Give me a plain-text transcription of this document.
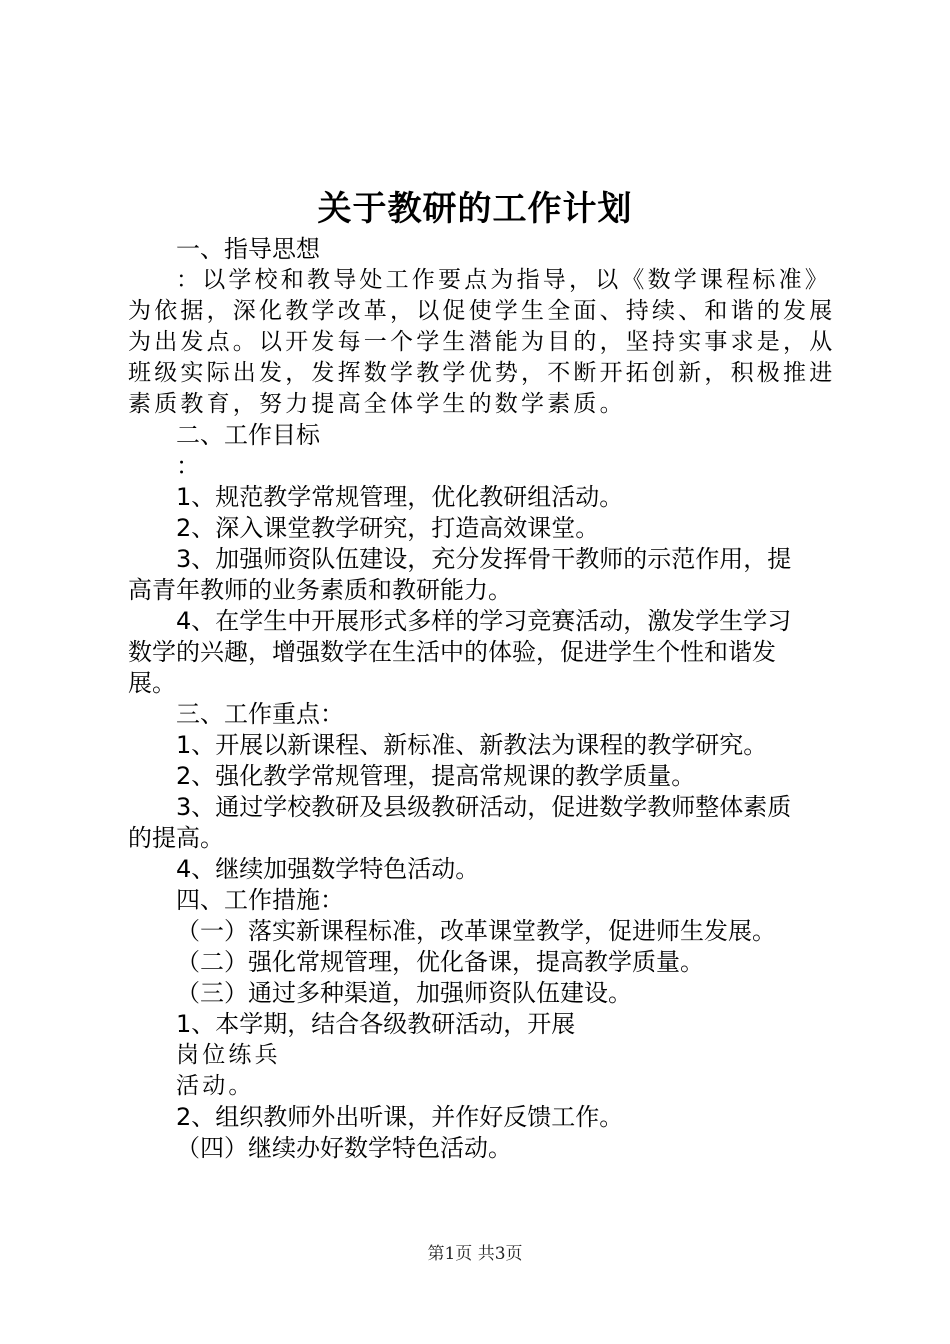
关于教研的工作计划
一、指导思想
：以学校和教导处工作要点为指导，以《数学课程标准》
为依据，深化教学改革，以促使学生全面、持续、和谐的发展
为出发点。以开发每一个学生潜能为目的，坚持实事求是，从
班级实际出发，发挥数学教学优势，不断开拓创新，积极推进
素质教育，努力提高全体学生的数学素质。
二、工作目标
：
1、规范教学常规管理，优化教研组活动。
2、深入课堂教学研究，打造高效课堂。
3、加强师资队伍建设，充分发挥骨干教师的示范作用，提
高青年教师的业务素质和教研能力。
4、在学生中开展形式多样的学习竞赛活动，激发学生学习
数学的兴趣，增强数学在生活中的体验，促进学生个性和谐发
展。
三、工作重点：
1、开展以新课程、新标准、新教法为课程的教学研究。
2、强化教学常规管理，提高常规课的教学质量。
3、通过学校教研及县级教研活动，促进数学教师整体素质
的提高。
4、继续加强数学特色活动。
四、工作措施：
（一）落实新课程标准，改革课堂教学，促进师生发展。
（二）强化常规管理，优化备课，提高教学质量。
（三）通过多种渠道，加强师资队伍建设。
1、本学期，结合各级教研活动，开展
岗位练兵
活动。
2、组织教师外出听课，并作好反馈工作。
（四）继续办好数学特色活动。
第1页 共3页
